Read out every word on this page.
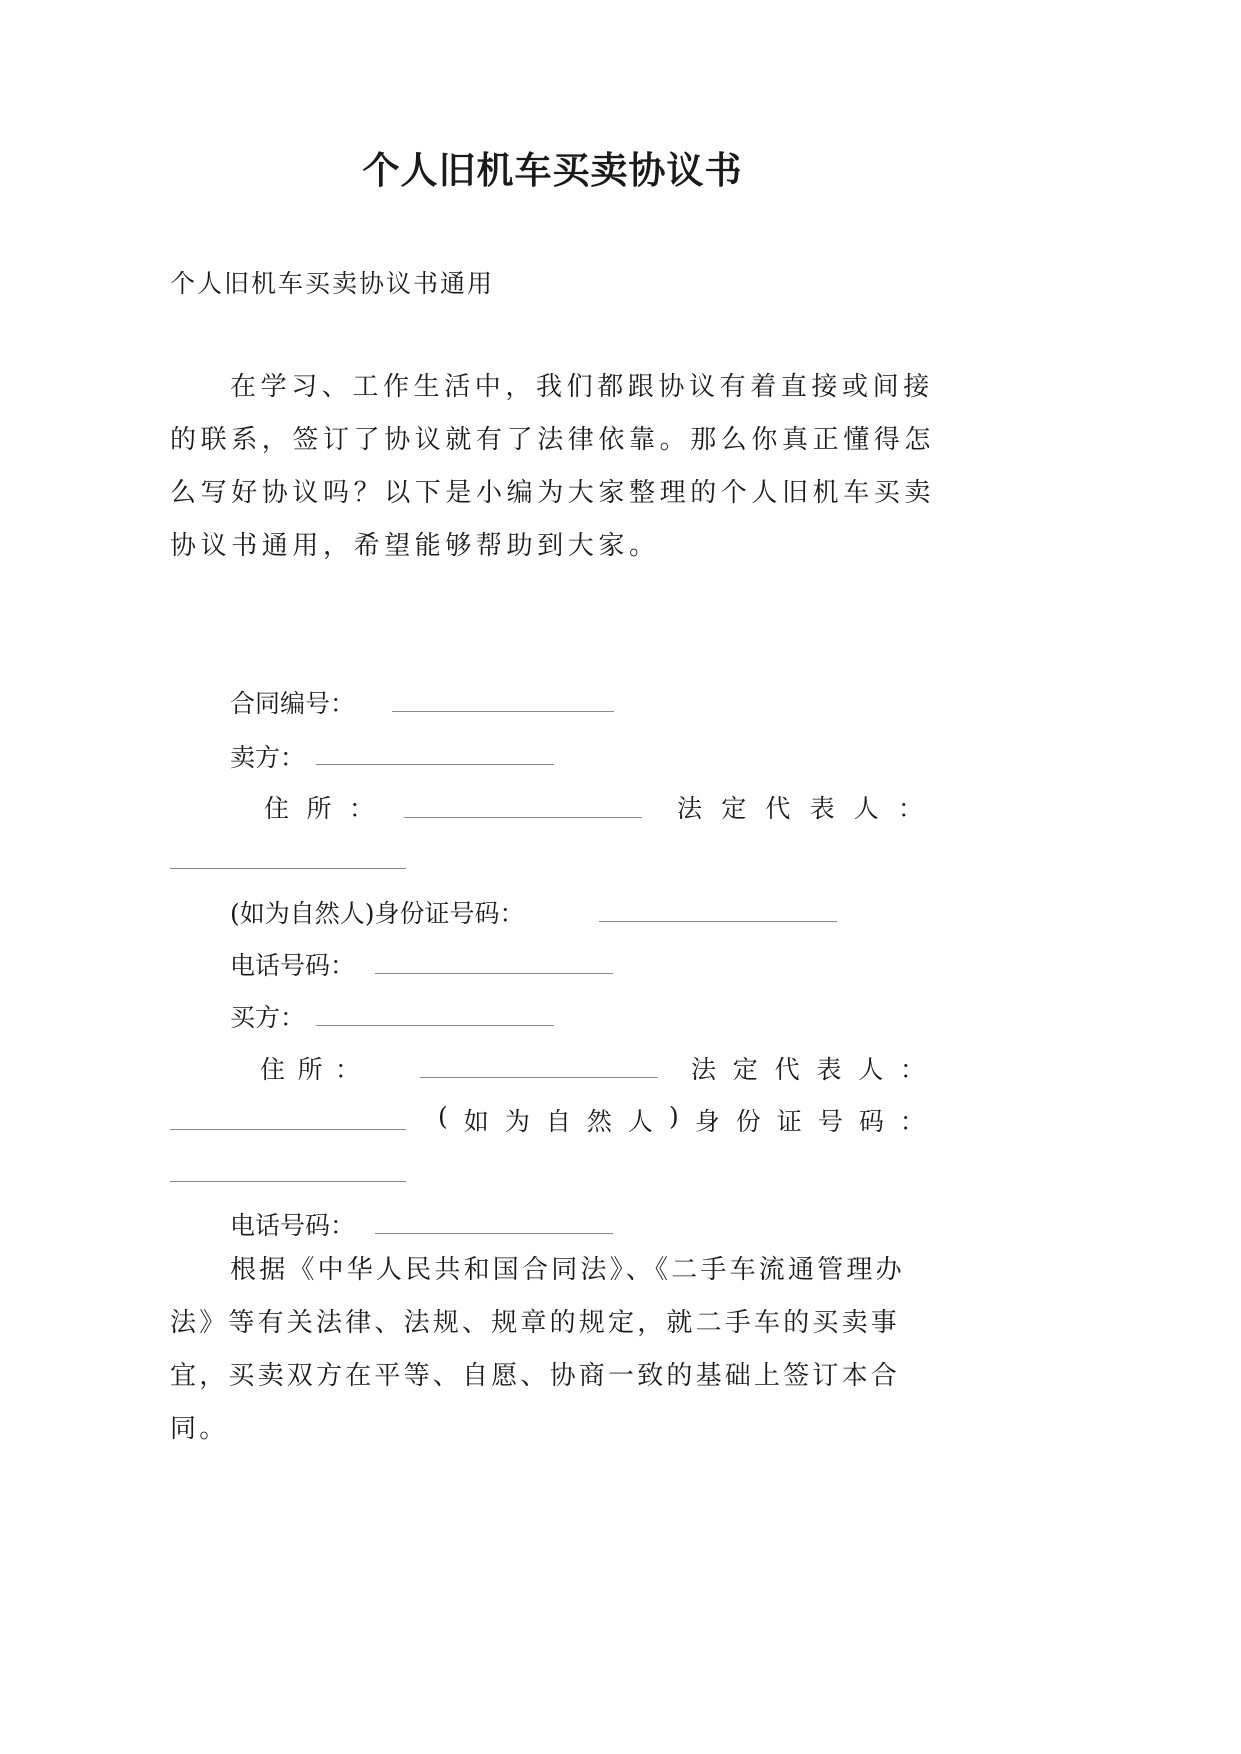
个人旧机车买卖协议书

个人旧机车买卖协议书通用

在学习、工作生活中，我们都跟协议有着直接或间接的联系，签订了协议就有了法律依靠。那么你真正懂得怎么写好协议吗？以下是小编为大家整理的个人旧机车买卖协议书通用，希望能够帮助到大家。

合同编号：

卖方：

住 所 ：	法 定 代 表 人 ：

(如为自然人)身份证号码：

电话号码：

买方：

住 所 ：	法 定 代 表 人 ：
( 如 为 自 然 人 ) 身 份 证 号 码 ：

电话号码：

根据《中华人民共和国合同法》、《二手车流通管理办法》等有关法律、法规、规章的规定，就二手车的买卖事宜，买卖双方在平等、自愿、协商一致的基础上签订本合同。
